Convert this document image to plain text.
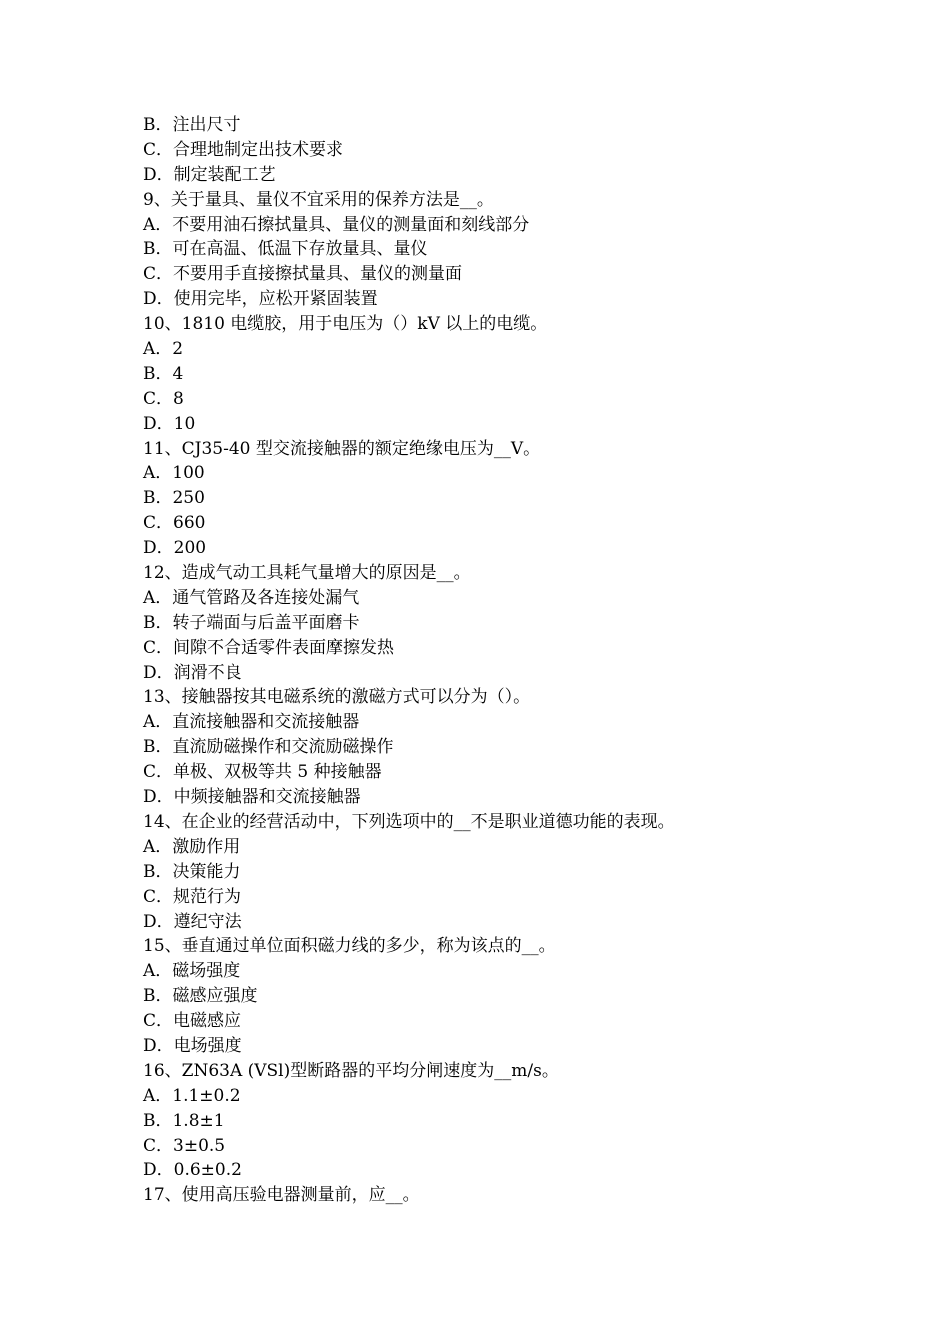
B．注出尺寸

C．合理地制定出技术要求

D．制定装配工艺

9、关于量具、量仪不宜采用的保养方法是__。

A．不要用油石擦拭量具、量仪的测量面和刻线部分

B．可在高温、低温下存放量具、量仪

C．不要用手直接擦拭量具、量仪的测量面

D．使用完毕，应松开紧固装置

10、1810 电缆胶，用于电压为（）kV 以上的电缆。

A．2

B．4

C．8

D．10

11、CJ35-40 型交流接触器的额定绝缘电压为__V。

A．100

B．250

C．660

D．200

12、造成气动工具耗气量增大的原因是__。

A．通气管路及各连接处漏气

B．转子端面与后盖平面磨卡

C．间隙不合适零件表面摩擦发热

D．润滑不良

13、接触器按其电磁系统的激磁方式可以分为（）。

A．直流接触器和交流接触器

B．直流励磁操作和交流励磁操作

C．单极、双极等共 5 种接触器

D．中频接触器和交流接触器

14、在企业的经营活动中，下列选项中的__不是职业道德功能的表现。

A．激励作用

B．决策能力

C．规范行为

D．遵纪守法

15、垂直通过单位面积磁力线的多少，称为该点的__。

A．磁场强度

B．磁感应强度

C．电磁感应

D．电场强度

16、ZN63A (VSl)型断路器的平均分闸速度为__m/s。

A．1.1±0.2

B．1.8±1

C．3±0.5

D．0.6±0.2

17、使用高压验电器测量前，应__。
